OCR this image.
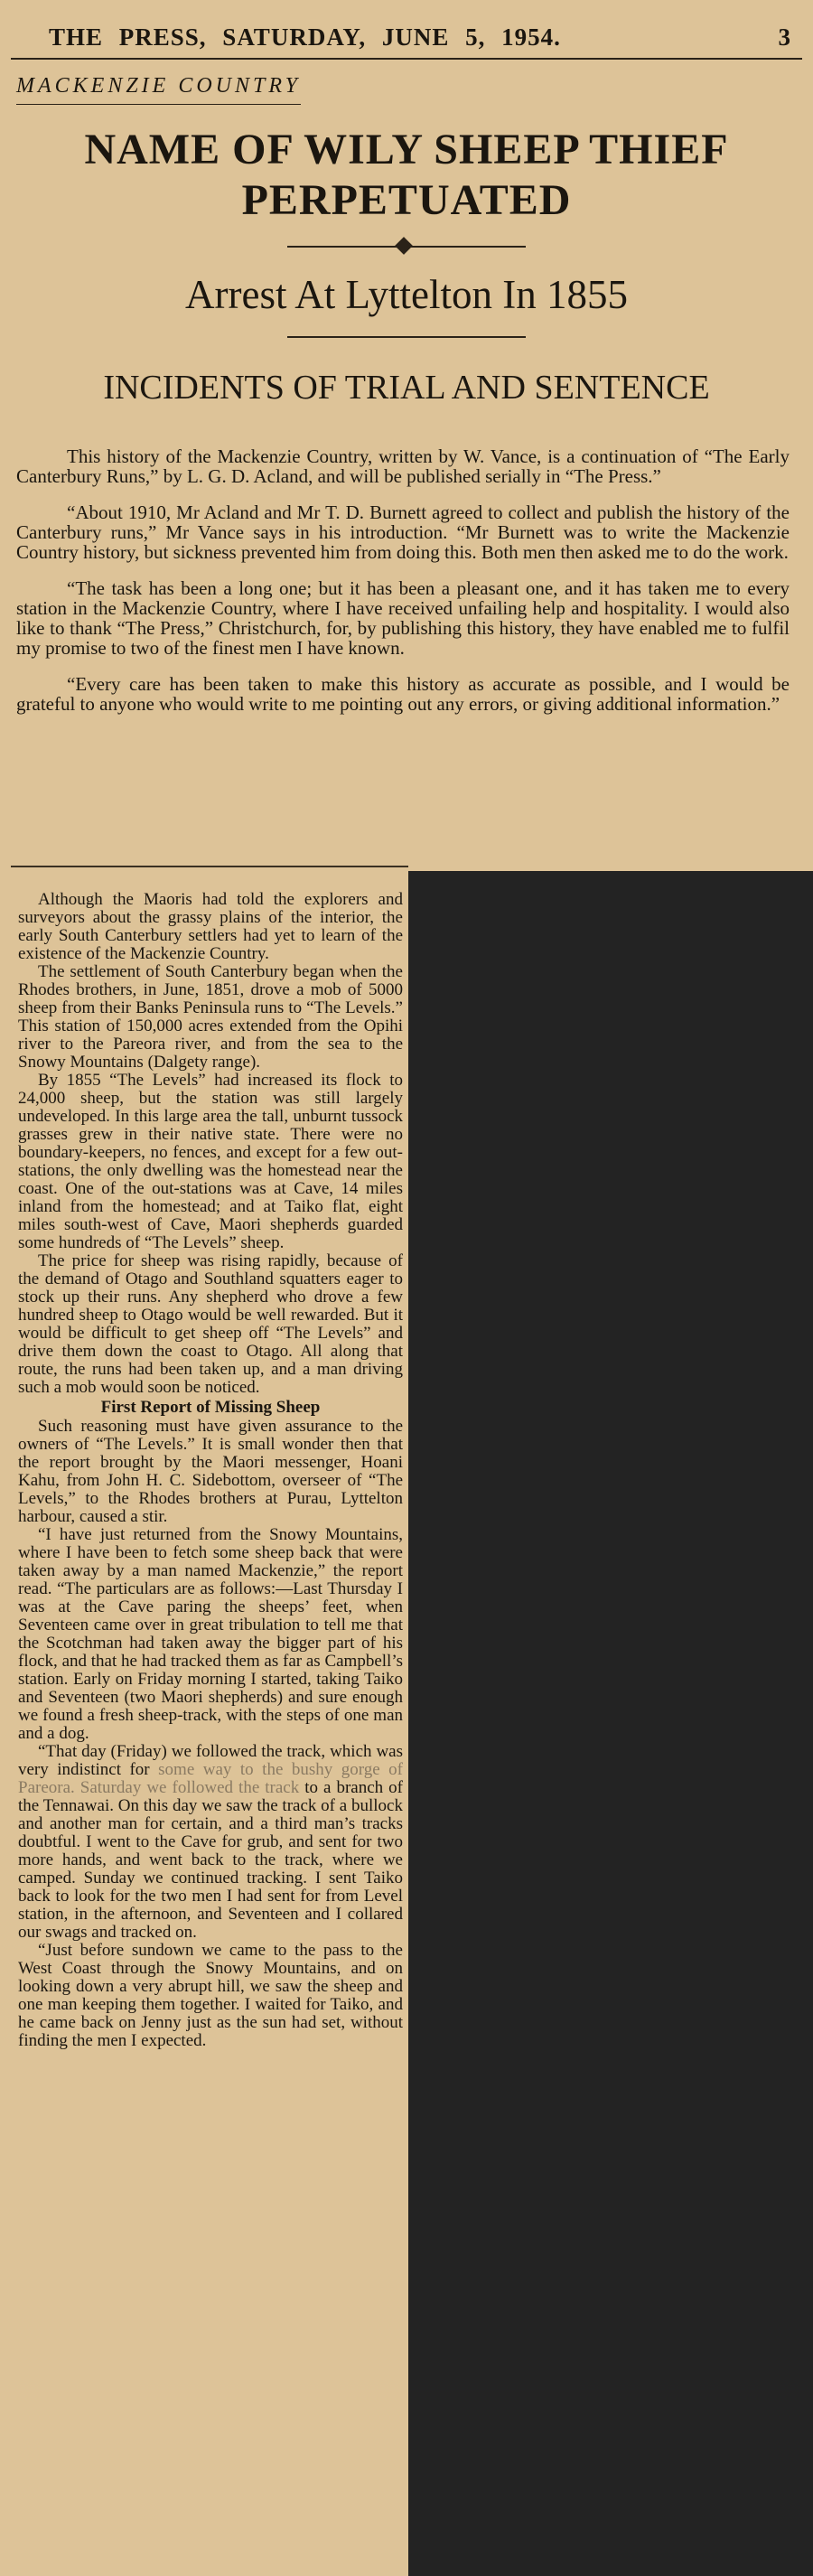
THE PRESS, SATURDAY, JUNE 5, 1954.	3
MACKENZIE COUNTRY
NAME OF WILY SHEEP THIEF PERPETUATED
Arrest At Lyttelton In 1855
INCIDENTS OF TRIAL AND SENTENCE

This history of the Mackenzie Country, written by W. Vance, is a continuation of “The Early Canterbury Runs,” by L. G. D. Acland, and will be published serially in “The Press.”

“About 1910, Mr Acland and Mr T. D. Burnett agreed to collect and publish the history of the Canterbury runs,” Mr Vance says in his introduction. “Mr Burnett was to write the Mackenzie Country history, but sickness prevented him from doing this. Both men then asked me to do the work.

“The task has been a long one; but it has been a pleasant one, and it has taken me to every station in the Mackenzie Country, where I have received unfailing help and hospitality. I would also like to thank “The Press,” Christchurch, for, by publishing this history, they have enabled me to fulfil my promise to two of the finest men I have known.

“Every care has been taken to make this history as accurate as possible, and I would be grateful to anyone who would write to me pointing out any errors, or giving additional information.”

Although the Maoris had told the explorers and surveyors about the grassy plains of the interior, the early South Canterbury settlers had yet to learn of the existence of the Mackenzie Country.

The settlement of South Canterbury began when the Rhodes brothers, in June, 1851, drove a mob of 5000 sheep from their Banks Peninsula runs to “The Levels.” This station of 150,000 acres extended from the Opihi river to the Pareora river, and from the sea to the Snowy Mountains (Dalgety range).

By 1855 “The Levels” had increased its flock to 24,000 sheep, but the station was still largely undeveloped. In this large area the tall, unburnt tussock grasses grew in their native state. There were no boundary-keepers, no fences, and except for a few out-stations, the only dwelling was the homestead near the coast. One of the out-stations was at Cave, 14 miles inland from the homestead; and at Taiko flat, eight miles south-west of Cave, Maori shepherds guarded some hundreds of “The Levels” sheep.

The price for sheep was rising rapidly, because of the demand of Otago and Southland squatters eager to stock up their runs. Any shepherd who drove a few hundred sheep to Otago would be well rewarded. But it would be difficult to get sheep off “The Levels” and drive them down the coast to Otago. All along that route, the runs had been taken up, and a man driving such a mob would soon be noticed.

First Report of Missing Sheep

Such reasoning must have given assurance to the owners of “The Levels.” It is small wonder then that the report brought by the Maori messenger, Hoani Kahu, from John H. C. Sidebottom, overseer of “The Levels,” to the Rhodes brothers at Purau, Lyttelton harbour, caused a stir.

“I have just returned from the Snowy Mountains, where I have been to fetch some sheep back that were taken away by a man named Mackenzie,” the report read. “The particulars are as follows:—Last Thursday I was at the Cave paring the sheeps’ feet, when Seventeen came over in great tribulation to tell me that the Scotchman had taken away the bigger part of his flock, and that he had tracked them as far as Campbell’s station. Early on Friday morning I started, taking Taiko and Seventeen (two Maori shepherds) and sure enough we found a fresh sheep-track, with the steps of one man and a dog.

“That day (Friday) we followed the track, which was very indistinct for some way to the bushy gorge of Pareora. Saturday we followed the track to a branch of the Tennawai. On this day we saw the track of a bullock and another man for certain, and a third man’s tracks doubtful. I went to the Cave for grub, and sent for two more hands, and went back to the track, where we camped. Sunday we continued tracking. I sent Taiko back to look for the two men I had sent for from Level station, in the afternoon, and Seventeen and I collared our swags and tracked on.

“Just before sundown we came to the pass to the West Coast through the Snowy Mountains, and on looking down a very abrupt hill, we saw the sheep and one man keeping them together. I waited for Taiko, and he came back on Jenny just as the sun had set, without finding the men I expected.
